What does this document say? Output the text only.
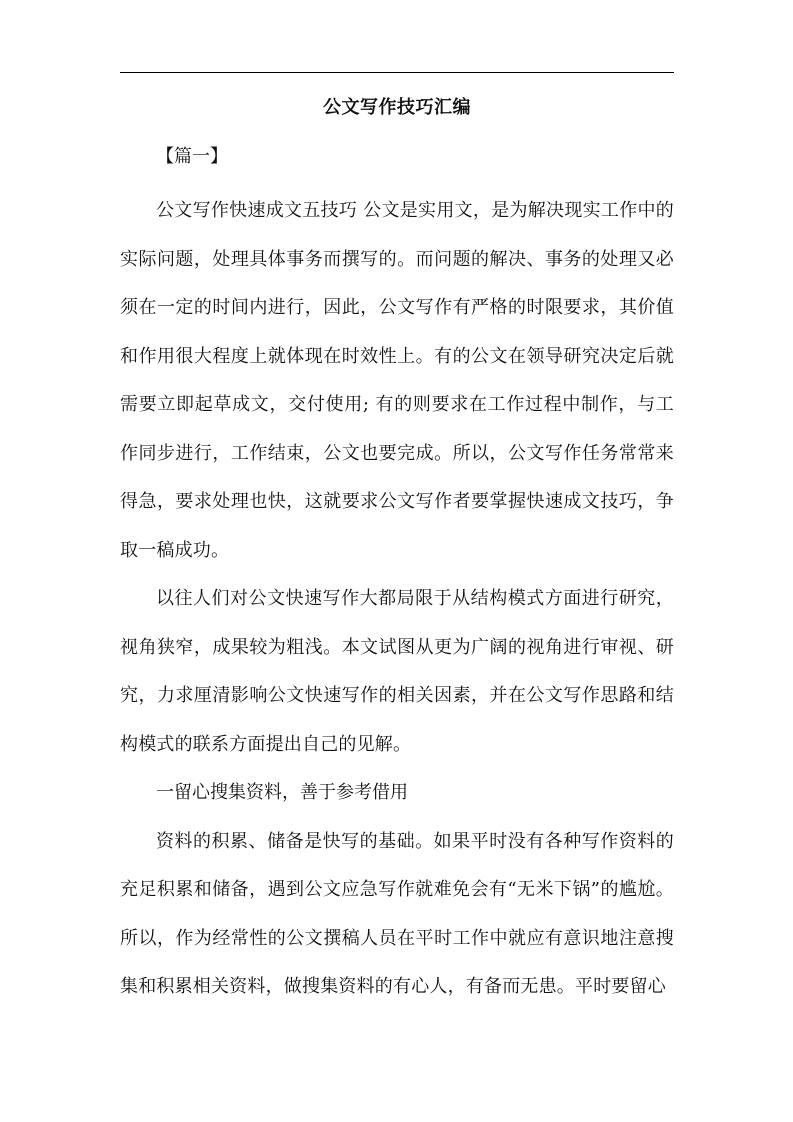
公文写作技巧汇编
【篇一】

公文写作快速成文五技巧 公文是实用文，是为解决现实工作中的实际问题，处理具体事务而撰写的。而问题的解决、事务的处理又必须在一定的时间内进行，因此，公文写作有严格的时限要求，其价值和作用很大程度上就体现在时效性上。有的公文在领导研究决定后就需要立即起草成文，交付使用; 有的则要求在工作过程中制作，与工作同步进行，工作结束，公文也要完成。所以，公文写作任务常常来得急，要求处理也快，这就要求公文写作者要掌握快速成文技巧，争取一稿成功。

以往人们对公文快速写作大都局限于从结构模式方面进行研究，视角狭窄，成果较为粗浅。本文试图从更为广阔的视角进行审视、研究，力求厘清影响公文快速写作的相关因素，并在公文写作思路和结构模式的联系方面提出自己的见解。

一留心搜集资料，善于参考借用

资料的积累、储备是快写的基础。如果平时没有各种写作资料的充足积累和储备，遇到公文应急写作就难免会有“无米下锅”的尴尬。所以，作为经常性的公文撰稿人员在平时工作中就应有意识地注意搜集和积累相关资料，做搜集资料的有心人，有备而无患。平时要留心
